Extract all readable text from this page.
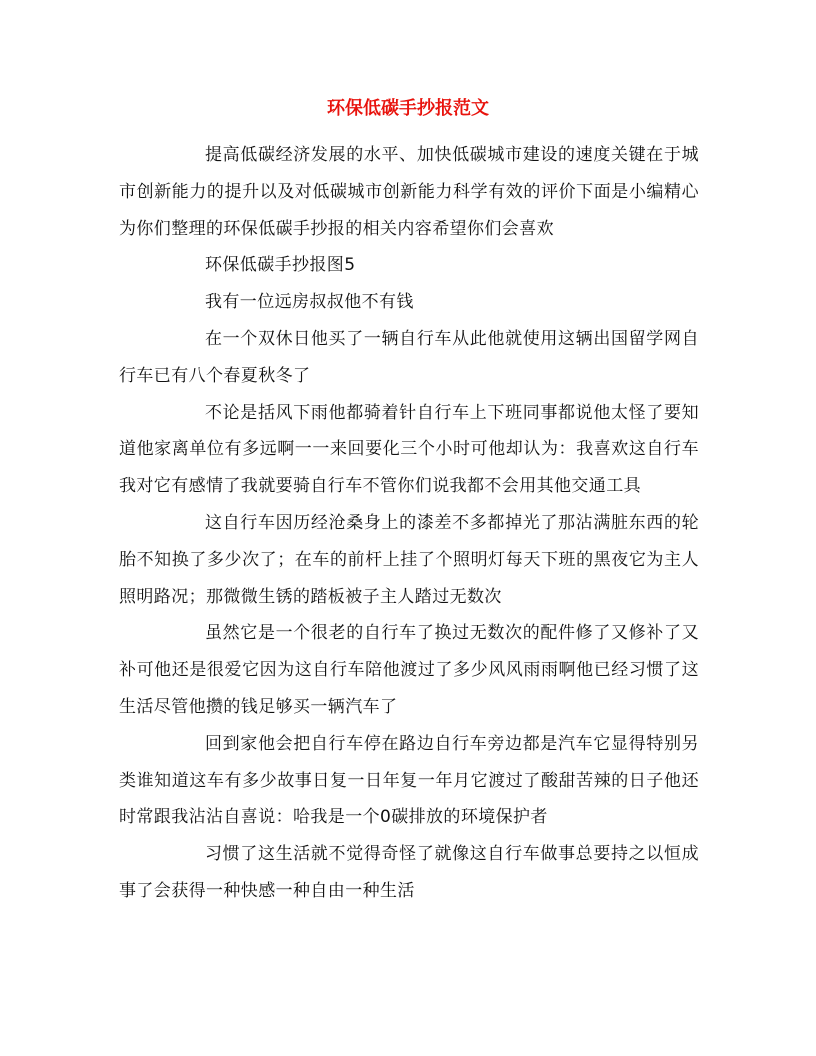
环保低碳手抄报范文

提高低碳经济发展的水平、加快低碳城市建设的速度关键在于城市创新能力的提升以及对低碳城市创新能力科学有效的评价下面是小编精心为你们整理的环保低碳手抄报的相关内容希望你们会喜欢

环保低碳手抄报图5

我有一位远房叔叔他不有钱

在一个双休日他买了一辆自行车从此他就使用这辆出国留学网自行车已有八个春夏秋冬了

不论是括风下雨他都骑着针自行车上下班同事都说他太怪了要知道他家离单位有多远啊一一来回要化三个小时可他却认为：我喜欢这自行车我对它有感情了我就要骑自行车不管你们说我都不会用其他交通工具

这自行车因历经沧桑身上的漆差不多都掉光了那沾满脏东西的轮胎不知换了多少次了；在车的前杆上挂了个照明灯每天下班的黑夜它为主人照明路况；那微微生锈的踏板被子主人踏过无数次

虽然它是一个很老的自行车了换过无数次的配件修了又修补了又补可他还是很爱它因为这自行车陪他渡过了多少风风雨雨啊他已经习惯了这生活尽管他攒的钱足够买一辆汽车了

回到家他会把自行车停在路边自行车旁边都是汽车它显得特别另类谁知道这车有多少故事日复一日年复一年月它渡过了酸甜苦辣的日子他还时常跟我沾沾自喜说：哈我是一个0碳排放的环境保护者

习惯了这生活就不觉得奇怪了就像这自行车做事总要持之以恒成事了会获得一种快感一种自由一种生活
